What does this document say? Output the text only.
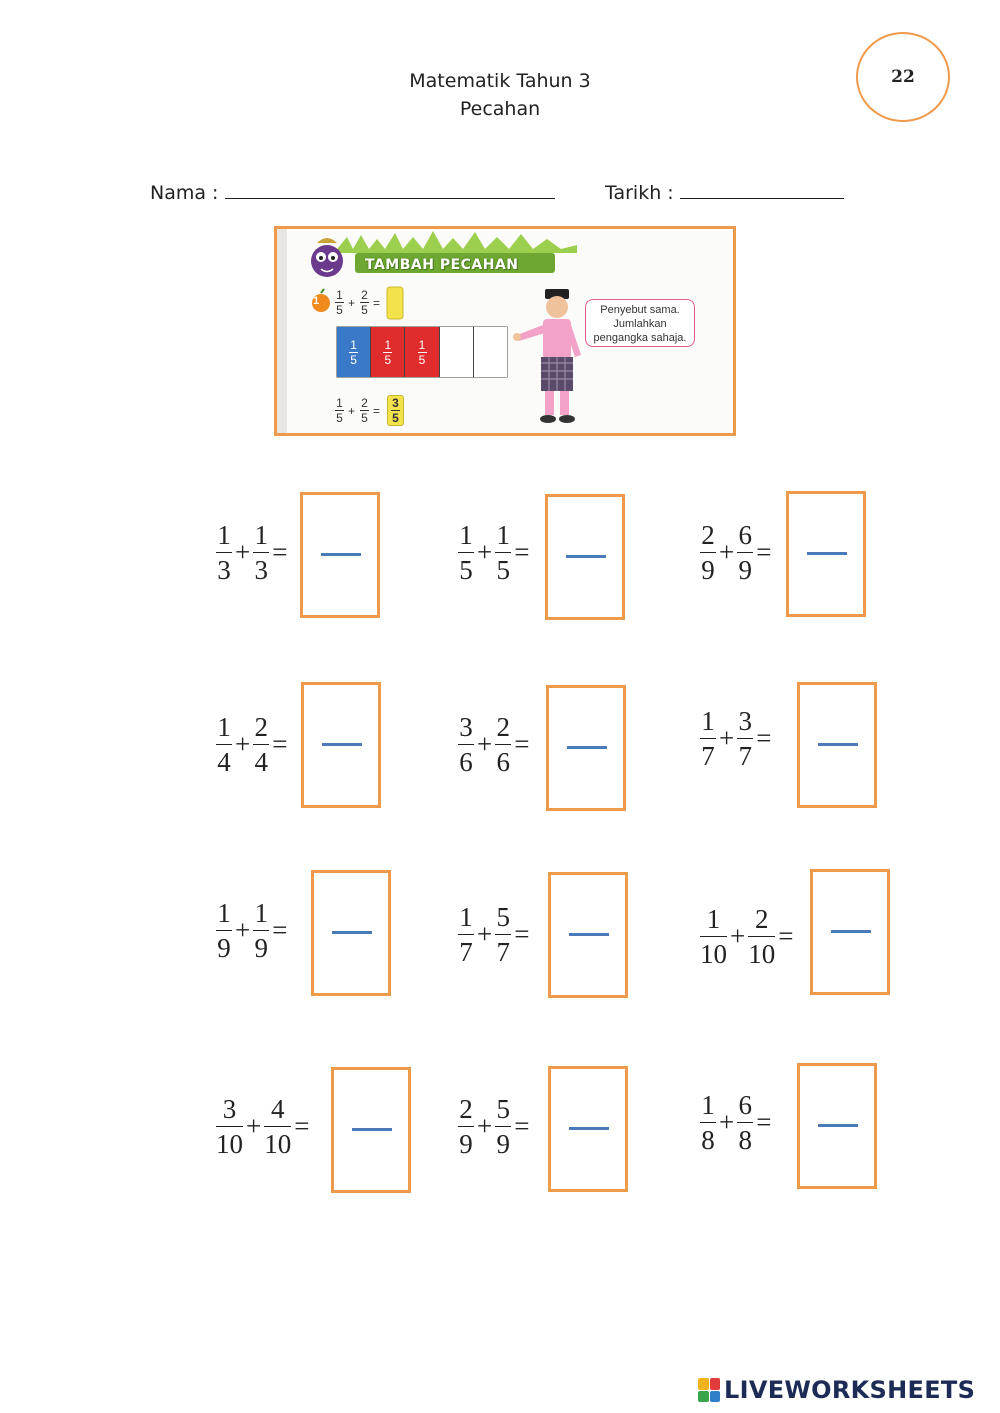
Matematik Tahun 3
Pecahan
22
Nama :	Tarikh :
TAMBAH PECAHAN
1 1
5 +
2
5 =
1
5
1
5
1
5
1
5 +
2
5 =
3
5
Penyebut sama.
Jumlahkan
pengangka sahaja.
$\frac{1}{3} + \frac{1}{3}$ =	$\frac{1}{5} + \frac{1}{5}$ =	$\frac{2}{9} + \frac{6}{9}$ =
$\frac{1}{4} + \frac{2}{4}$ =	$\frac{3}{6} + \frac{2}{6}$ =	$\frac{1}{7} + \frac{3}{7}$ =
$\frac{1}{9} + \frac{1}{9}$ =	$\frac{1}{7} + \frac{5}{7}$ =	$\frac{1}{10} + \frac{2}{10}$ =
$\frac{3}{10} + \frac{4}{10}$ =	$\frac{2}{9} + \frac{5}{9}$ =	$\frac{1}{8} + \frac{6}{8}$ =
LIVEWORKSHEETS
